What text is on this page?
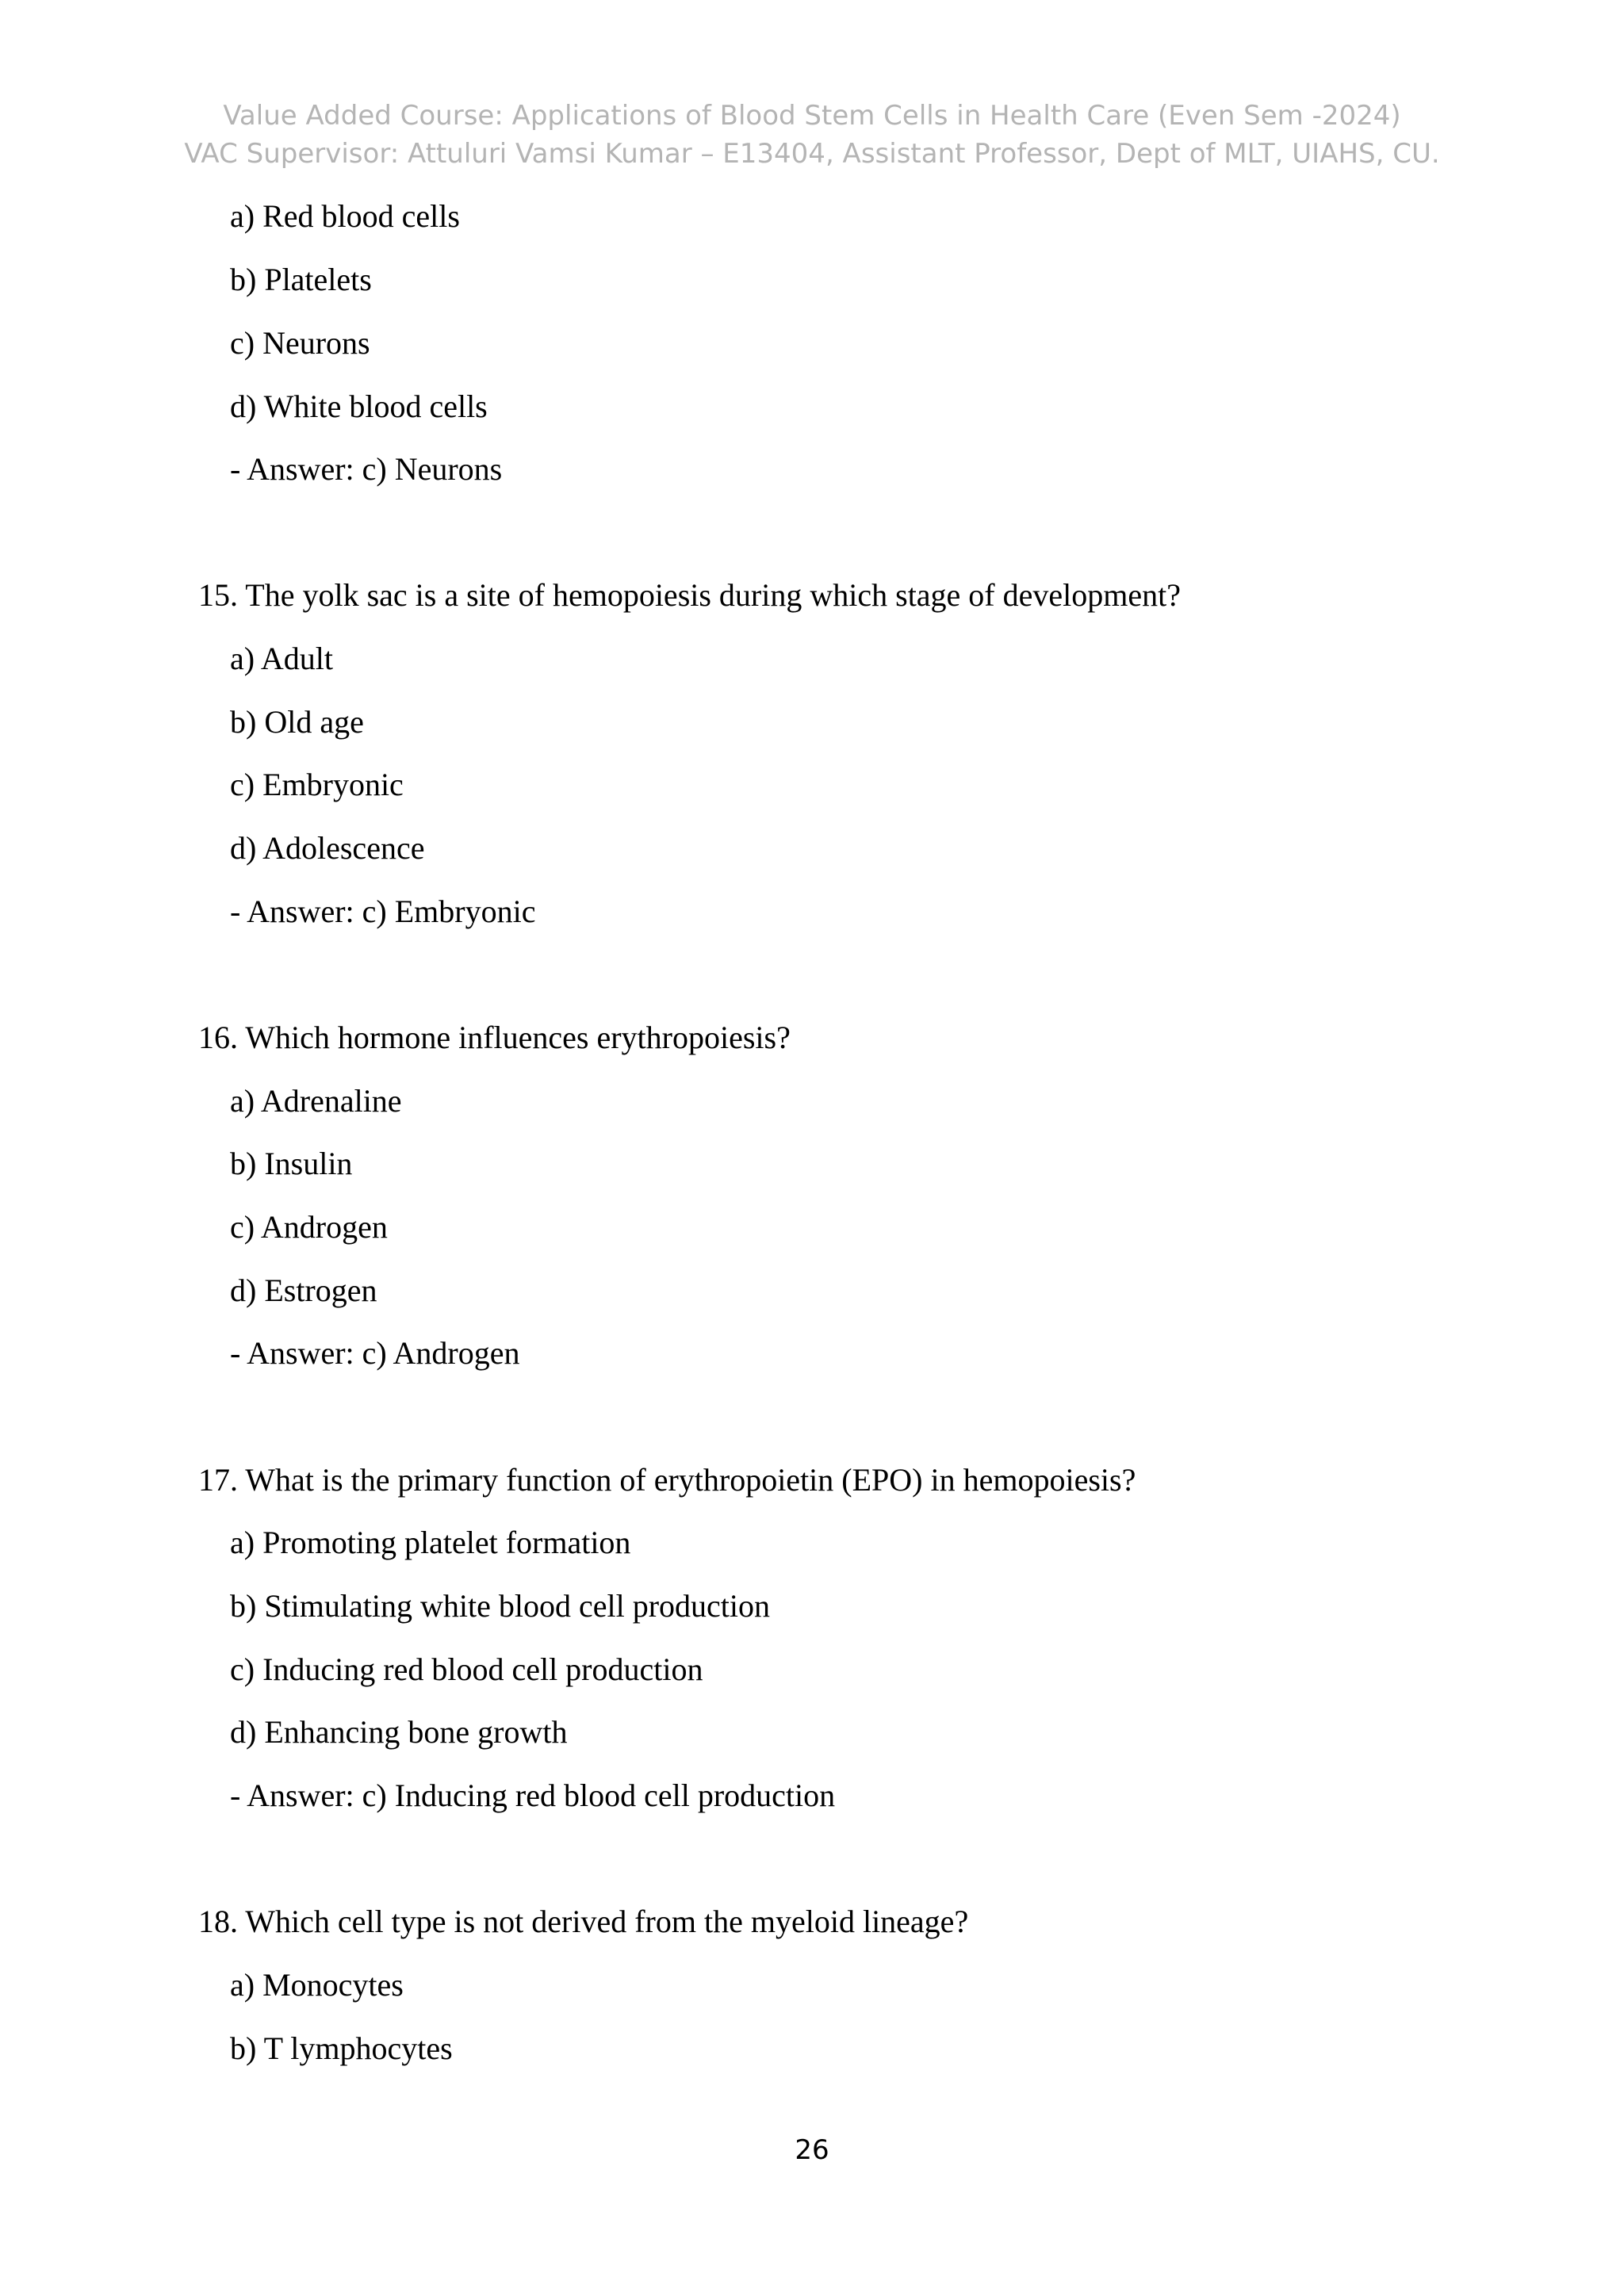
Value Added Course: Applications of Blood Stem Cells in Health Care (Even Sem -2024)
VAC Supervisor: Attuluri Vamsi Kumar – E13404, Assistant Professor, Dept of MLT, UIAHS, CU.
a) Red blood cells
b) Platelets
c) Neurons
d) White blood cells
- Answer: c) Neurons
15. The yolk sac is a site of hemopoiesis during which stage of development?
a) Adult
b) Old age
c) Embryonic
d) Adolescence
- Answer: c) Embryonic
16. Which hormone influences erythropoiesis?
a) Adrenaline
b) Insulin
c) Androgen
d) Estrogen
- Answer: c) Androgen
17. What is the primary function of erythropoietin (EPO) in hemopoiesis?
a) Promoting platelet formation
b) Stimulating white blood cell production
c) Inducing red blood cell production
d) Enhancing bone growth
- Answer: c) Inducing red blood cell production
18. Which cell type is not derived from the myeloid lineage?
a) Monocytes
b) T lymphocytes
26
